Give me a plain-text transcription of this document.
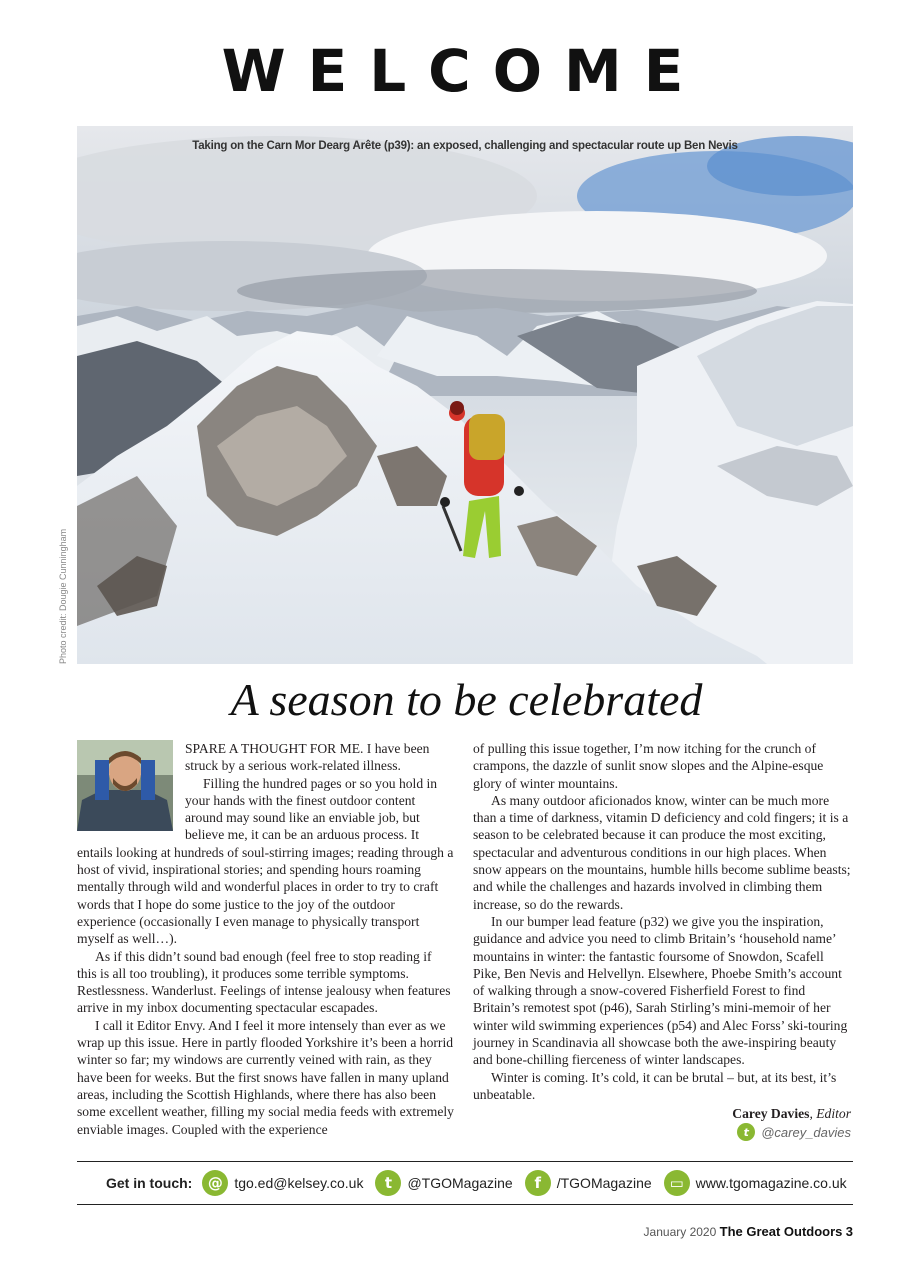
WELCOME
Taking on the Carn Mor Dearg Arête (p39): an exposed, challenging and spectacular route up Ben Nevis
Photo credit: Dougie Cunningham
A season to be celebrated

SPARE A THOUGHT FOR ME. I have been struck by a serious work-related illness.

Filling the hundred pages or so you hold in your hands with the finest outdoor content around may sound like an enviable job, but believe me, it can be an arduous process. It entails looking at hundreds of soul-stirring images; reading through a host of vivid, inspirational stories; and spending hours roaming mentally through wild and wonderful places in order to try to craft words that I hope do some justice to the joy of the outdoor experience (occasionally I even manage to physically transport myself as well…).

As if this didn’t sound bad enough (feel free to stop reading if this is all too troubling), it produces some terrible symptoms. Restlessness. Wanderlust. Feelings of intense jealousy when features arrive in my inbox documenting spectacular escapades.

I call it Editor Envy. And I feel it more intensely than ever as we wrap up this issue. Here in partly flooded Yorkshire it’s been a horrid winter so far; my windows are currently veined with rain, as they have been for weeks. But the first snows have fallen in many upland areas, including the Scottish Highlands, where there has also been some excellent weather, filling my social media feeds with extremely enviable images. Coupled with the experience

of pulling this issue together, I’m now itching for the crunch of crampons, the dazzle of sunlit snow slopes and the Alpine-esque glory of winter mountains.

As many outdoor aficionados know, winter can be much more than a time of darkness, vitamin D deficiency and cold fingers; it is a season to be celebrated because it can produce the most exciting, spectacular and adventurous conditions in our high places. When snow appears on the mountains, humble hills become sublime beasts; and while the challenges and hazards involved in climbing them increase, so do the rewards.

In our bumper lead feature (p32) we give you the inspiration, guidance and advice you need to climb Britain’s ‘household name’ mountains in winter: the fantastic foursome of Snowdon, Scafell Pike, Ben Nevis and Helvellyn. Elsewhere, Phoebe Smith’s account of walking through a snow-covered Fisherfield Forest to find Britain’s remotest spot (p46), Sarah Stirling’s mini-memoir of her winter wild swimming experiences (p54) and Alec Forss’ ski-touring journey in Scandinavia all showcase both the awe-inspiring beauty and bone-chilling fierceness of winter landscapes.

Winter is coming. It’s cold, it can be brutal – but, at its best, it’s unbeatable.

Carey Davies, Editor
t @carey_davies
Get in touch:	@ tgo.ed@kelsey.co.uk	t	@TGOMagazine	f	/TGOMagazine	▭ www.tgomagazine.co.uk
January 2020 The Great Outdoors 3
